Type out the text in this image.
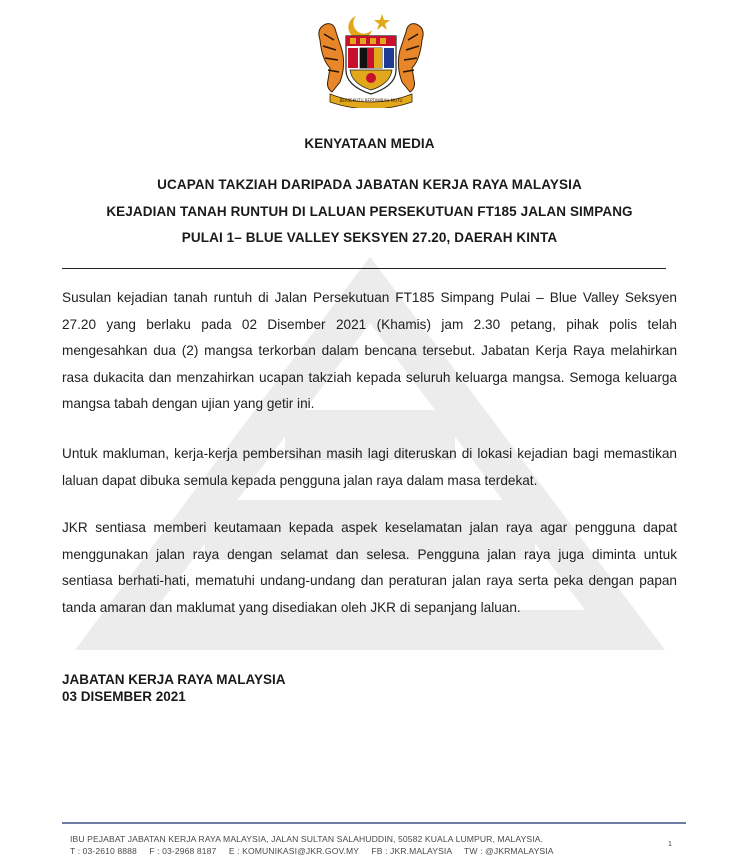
BERSEKUTU BERTAMBAH MUTU
KENYATAAN MEDIA
UCAPAN TAKZIAH DARIPADA JABATAN KERJA RAYA MALAYSIA
KEJADIAN TANAH RUNTUH DI LALUAN PERSEKUTUAN FT185 JALAN SIMPANG
PULAI 1– BLUE VALLEY SEKSYEN 27.20, DAERAH KINTA
Susulan kejadian tanah runtuh di Jalan Persekutuan FT185 Simpang Pulai – Blue Valley Seksyen 27.20 yang berlaku pada 02 Disember 2021 (Khamis) jam 2.30 petang, pihak polis telah mengesahkan dua (2) mangsa terkorban dalam bencana tersebut. Jabatan Kerja Raya melahirkan rasa dukacita dan menzahirkan ucapan takziah kepada seluruh keluarga mangsa. Semoga keluarga mangsa tabah dengan ujian yang getir ini.
Untuk makluman, kerja-kerja pembersihan masih lagi diteruskan di lokasi kejadian bagi memastikan laluan dapat dibuka semula kepada pengguna jalan raya dalam masa terdekat.
JKR sentiasa memberi keutamaan kepada aspek keselamatan jalan raya agar pengguna dapat menggunakan jalan raya dengan selamat dan selesa. Pengguna jalan raya juga diminta untuk sentiasa berhati-hati, mematuhi undang-undang dan peraturan jalan raya serta peka dengan papan tanda amaran dan maklumat yang disediakan oleh JKR di sepanjang laluan.
JABATAN KERJA RAYA MALAYSIA
03 DISEMBER 2021
IBU PEJABAT JABATAN KERJA RAYA MALAYSIA, JALAN SULTAN SALAHUDDIN, 50582 KUALA LUMPUR, MALAYSIA.
T : 03-2610 8888     F : 03-2968 8187     E : KOMUNIKASI@JKR.GOV.MY     FB : JKR.MALAYSIA     TW : @JKRMALAYSIA
1
